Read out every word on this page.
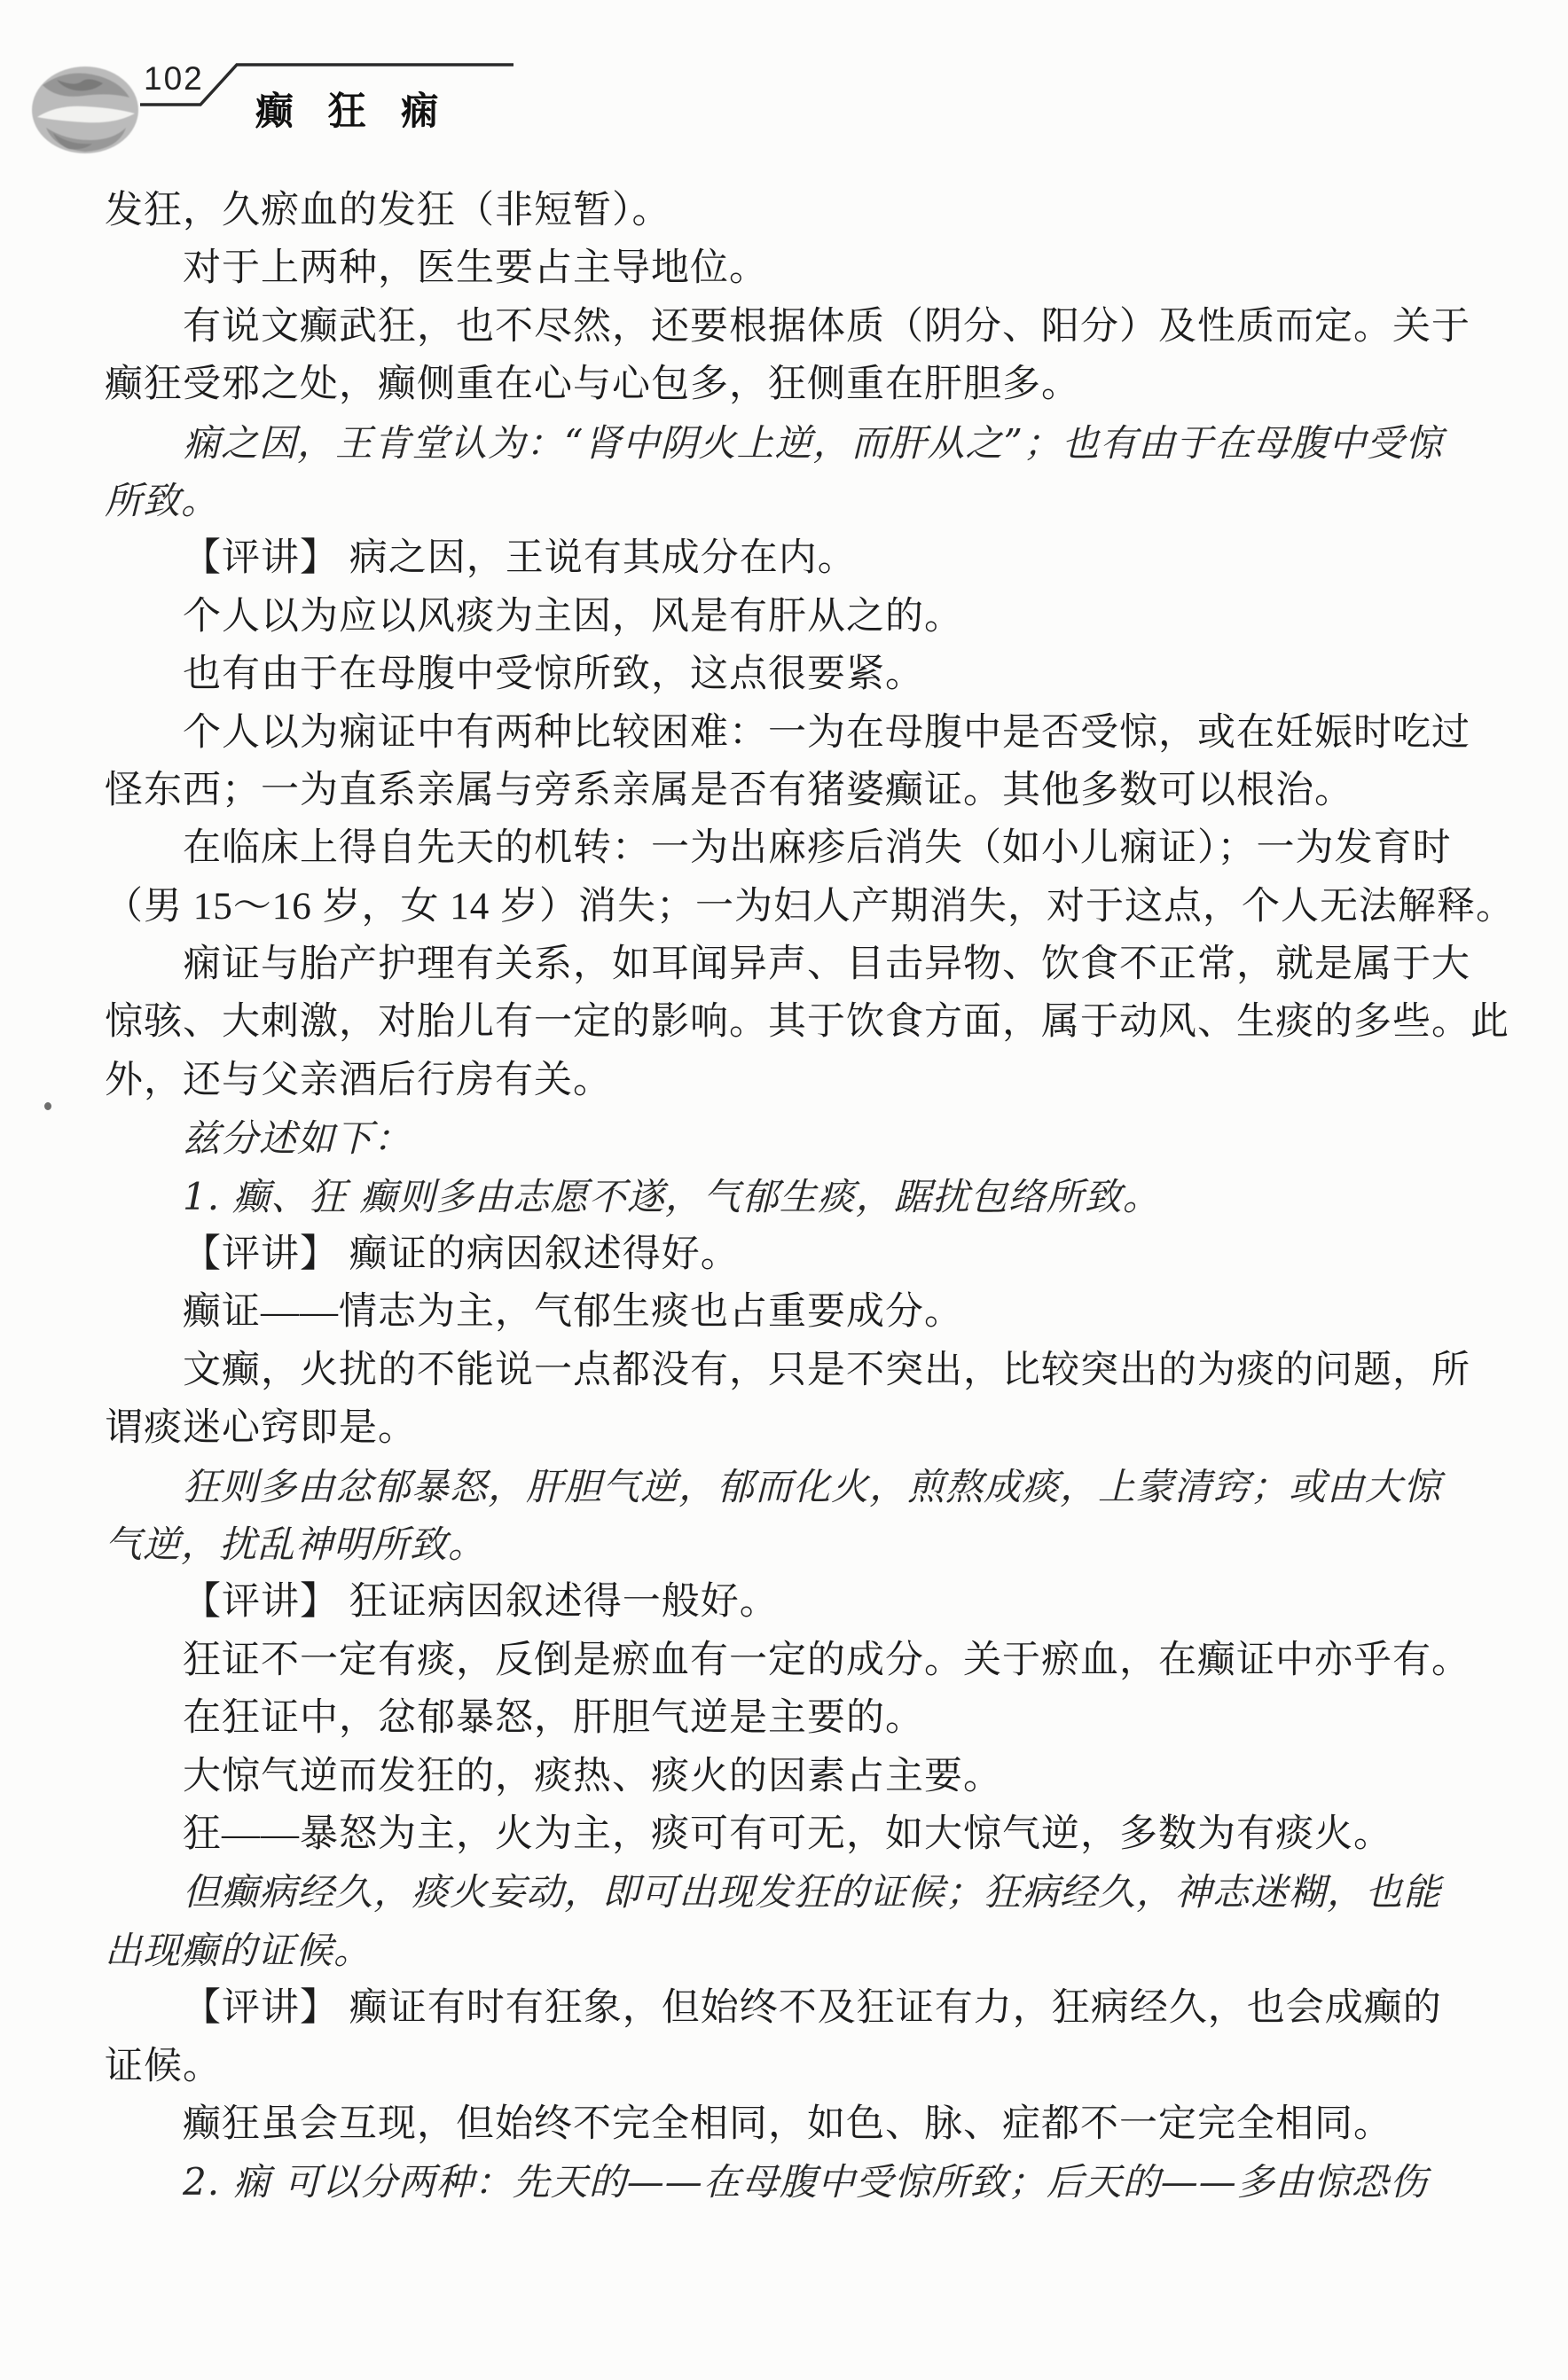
102
癫 狂 痫
发狂，久瘀血的发狂（非短暂）。
对于上两种，医生要占主导地位。
有说文癫武狂，也不尽然，还要根据体质（阴分、阳分）及性质而定。关于
癫狂受邪之处，癫侧重在心与心包多，狂侧重在肝胆多。
痫之因，王肯堂认为：“肾中阴火上逆，而肝从之”；也有由于在母腹中受惊
所致。
【评讲】 病之因，王说有其成分在内。
个人以为应以风痰为主因，风是有肝从之的。
也有由于在母腹中受惊所致，这点很要紧。
个人以为痫证中有两种比较困难：一为在母腹中是否受惊，或在妊娠时吃过
怪东西；一为直系亲属与旁系亲属是否有猪婆癫证。其他多数可以根治。
在临床上得自先天的机转：一为出麻疹后消失（如小儿痫证）；一为发育时
（男 15～16 岁，女 14 岁）消失；一为妇人产期消失，对于这点，个人无法解释。
痫证与胎产护理有关系，如耳闻异声、目击异物、饮食不正常，就是属于大
惊骇、大刺激，对胎儿有一定的影响。其于饮食方面，属于动风、生痰的多些。此
外，还与父亲酒后行房有关。
兹分述如下：
1. 癫、狂 癫则多由志愿不遂，气郁生痰，踞扰包络所致。
【评讲】 癫证的病因叙述得好。
癫证——情志为主，气郁生痰也占重要成分。
文癫，火扰的不能说一点都没有，只是不突出，比较突出的为痰的问题，所
谓痰迷心窍即是。
狂则多由忿郁暴怒，肝胆气逆，郁而化火，煎熬成痰，上蒙清窍；或由大惊
气逆，扰乱神明所致。
【评讲】 狂证病因叙述得一般好。
狂证不一定有痰，反倒是瘀血有一定的成分。关于瘀血，在癫证中亦乎有。
在狂证中，忿郁暴怒，肝胆气逆是主要的。
大惊气逆而发狂的，痰热、痰火的因素占主要。
狂——暴怒为主，火为主，痰可有可无，如大惊气逆，多数为有痰火。
但癫病经久，痰火妄动，即可出现发狂的证候；狂病经久，神志迷糊，也能
出现癫的证候。
【评讲】 癫证有时有狂象，但始终不及狂证有力，狂病经久，也会成癫的
证候。
癫狂虽会互现，但始终不完全相同，如色、脉、症都不一定完全相同。
2. 痫 可以分两种：先天的——在母腹中受惊所致；后天的——多由惊恐伤
